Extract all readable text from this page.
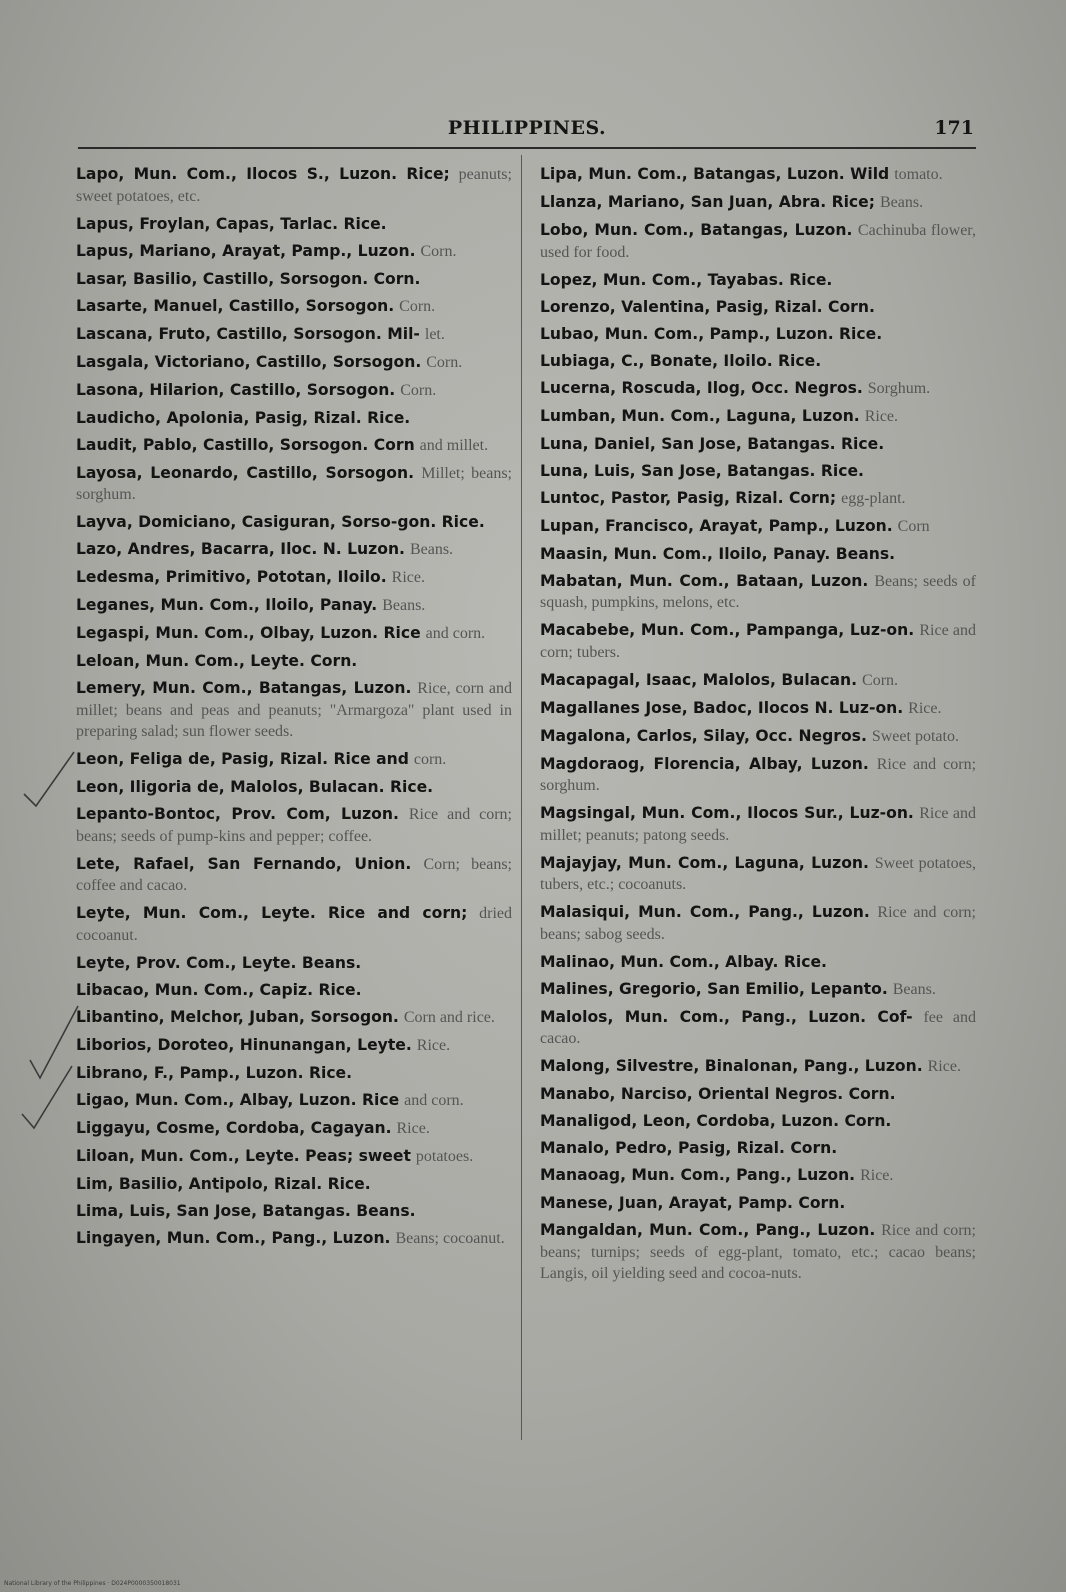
PHILIPPINES.	171
Lapo, Mun. Com., Ilocos S., Luzon. Rice; peanuts; sweet potatoes, etc.
Lapus, Froylan, Capas, Tarlac. Rice.
Lapus, Mariano, Arayat, Pamp., Luzon. Corn.
Lasar, Basilio, Castillo, Sorsogon. Corn.
Lasarte, Manuel, Castillo, Sorsogon. Corn.
Lascana, Fruto, Castillo, Sorsogon. Mil- let.
Lasgala, Victoriano, Castillo, Sorsogon. Corn.
Lasona, Hilarion, Castillo, Sorsogon. Corn.
Laudicho, Apolonia, Pasig, Rizal. Rice.
Laudit, Pablo, Castillo, Sorsogon. Corn and millet.
Layosa, Leonardo, Castillo, Sorsogon. Millet; beans; sorghum.
Layva, Domiciano, Casiguran, Sorso-gon. Rice.
Lazo, Andres, Bacarra, Iloc. N. Luzon. Beans.
Ledesma, Primitivo, Pototan, Iloilo. Rice.
Leganes, Mun. Com., Iloilo, Panay. Beans.
Legaspi, Mun. Com., Olbay, Luzon. Rice and corn.
Leloan, Mun. Com., Leyte. Corn.
Lemery, Mun. Com., Batangas, Luzon. Rice, corn and millet; beans and peas and peanuts; "Armargoza" plant used in preparing salad; sun flower seeds.
Leon, Feliga de, Pasig, Rizal. Rice and corn.
Leon, Iligoria de, Malolos, Bulacan. Rice.
Lepanto-Bontoc, Prov. Com, Luzon. Rice and corn; beans; seeds of pump-kins and pepper; coffee.
Lete, Rafael, San Fernando, Union. Corn; beans; coffee and cacao.
Leyte, Mun. Com., Leyte. Rice and corn; dried cocoanut.
Leyte, Prov. Com., Leyte. Beans.
Libacao, Mun. Com., Capiz. Rice.
Libantino, Melchor, Juban, Sorsogon. Corn and rice.
Liborios, Doroteo, Hinunangan, Leyte. Rice.
Librano, F., Pamp., Luzon. Rice.
Ligao, Mun. Com., Albay, Luzon. Rice and corn.
Liggayu, Cosme, Cordoba, Cagayan. Rice.
Liloan, Mun. Com., Leyte. Peas; sweet potatoes.
Lim, Basilio, Antipolo, Rizal. Rice.
Lima, Luis, San Jose, Batangas. Beans.
Lingayen, Mun. Com., Pang., Luzon. Beans; cocoanut.
Lipa, Mun. Com., Batangas, Luzon. Wild tomato.
Llanza, Mariano, San Juan, Abra. Rice; Beans.
Lobo, Mun. Com., Batangas, Luzon. Cachinuba flower, used for food.
Lopez, Mun. Com., Tayabas. Rice.
Lorenzo, Valentina, Pasig, Rizal. Corn.
Lubao, Mun. Com., Pamp., Luzon. Rice.
Lubiaga, C., Bonate, Iloilo. Rice.
Lucerna, Roscuda, Ilog, Occ. Negros. Sorghum.
Lumban, Mun. Com., Laguna, Luzon. Rice.
Luna, Daniel, San Jose, Batangas. Rice.
Luna, Luis, San Jose, Batangas. Rice.
Luntoc, Pastor, Pasig, Rizal. Corn; egg-plant.
Lupan, Francisco, Arayat, Pamp., Luzon. Corn
Maasin, Mun. Com., Iloilo, Panay. Beans.
Mabatan, Mun. Com., Bataan, Luzon. Beans; seeds of squash, pumpkins, melons, etc.
Macabebe, Mun. Com., Pampanga, Luz-on. Rice and corn; tubers.
Macapagal, Isaac, Malolos, Bulacan. Corn.
Magallanes Jose, Badoc, Ilocos N. Luz-on. Rice.
Magalona, Carlos, Silay, Occ. Negros. Sweet potato.
Magdoraog, Florencia, Albay, Luzon. Rice and corn; sorghum.
Magsingal, Mun. Com., Ilocos Sur., Luz-on. Rice and millet; peanuts; patong seeds.
Majayjay, Mun. Com., Laguna, Luzon. Sweet potatoes, tubers, etc.; cocoanuts.
Malasiqui, Mun. Com., Pang., Luzon. Rice and corn; beans; sabog seeds.
Malinao, Mun. Com., Albay. Rice.
Malines, Gregorio, San Emilio, Lepanto. Beans.
Malolos, Mun. Com., Pang., Luzon. Cof- fee and cacao.
Malong, Silvestre, Binalonan, Pang., Luzon. Rice.
Manabo, Narciso, Oriental Negros. Corn.
Manaligod, Leon, Cordoba, Luzon. Corn.
Manalo, Pedro, Pasig, Rizal. Corn.
Manaoag, Mun. Com., Pang., Luzon. Rice.
Manese, Juan, Arayat, Pamp. Corn.
Mangaldan, Mun. Com., Pang., Luzon. Rice and corn; beans; turnips; seeds of egg-plant, tomato, etc.; cacao beans; Langis, oil yielding seed and cocoa-nuts.
National Library of the Philippines · D024P0000350018031
